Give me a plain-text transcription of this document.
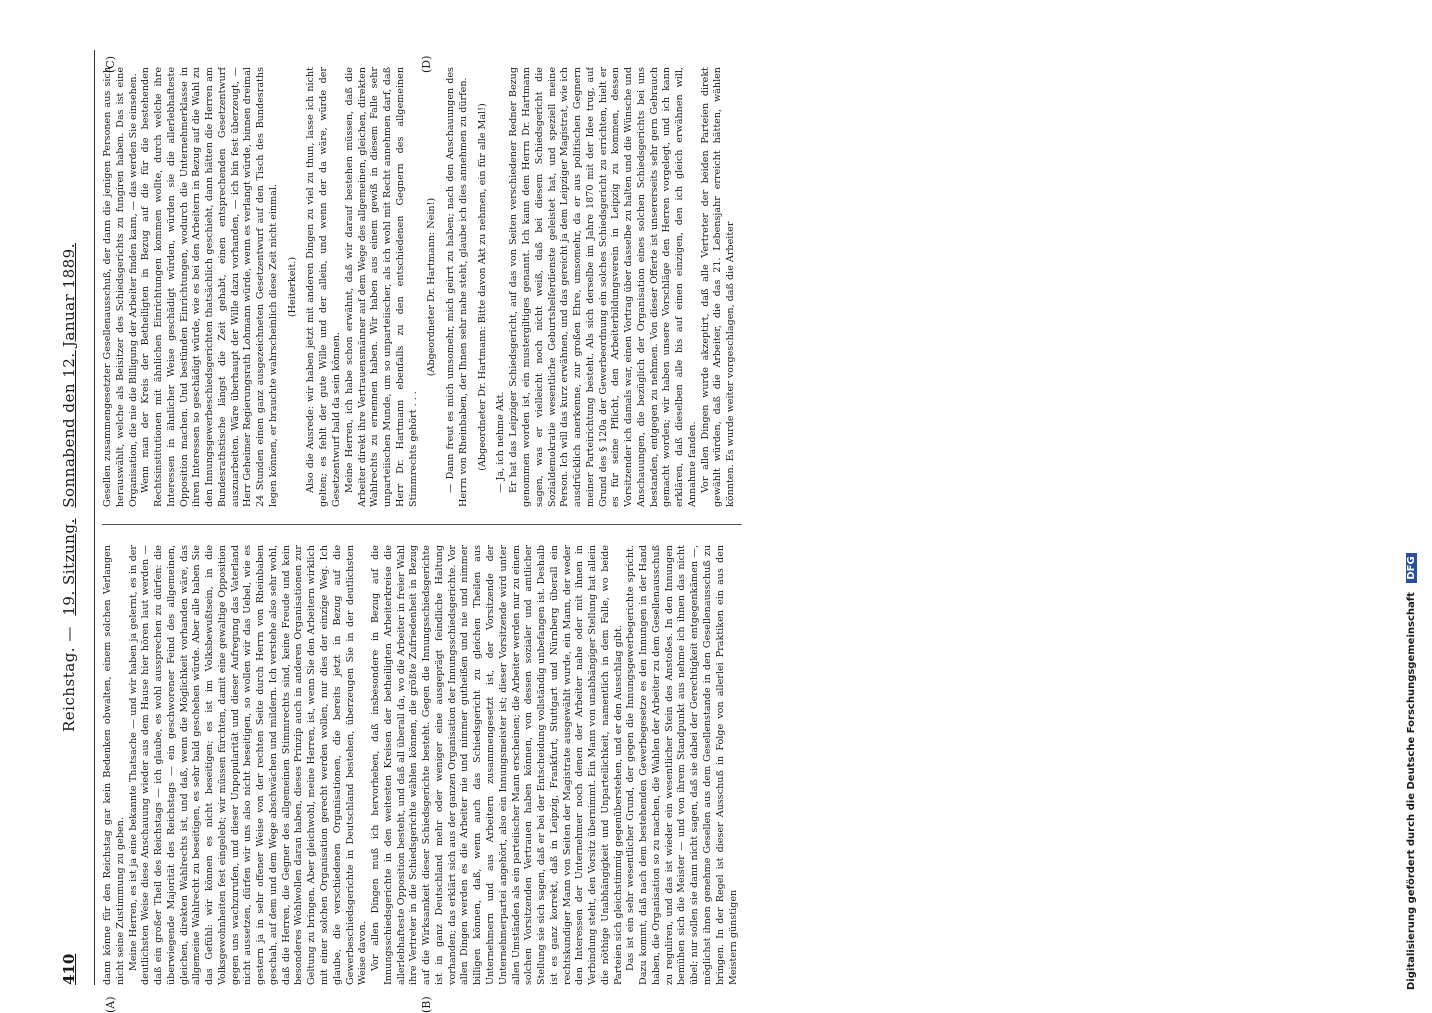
410
Reichstag. —  19. Sitzung.  Sonnabend den 12. Januar 1889.

dann könne für den Reichstag gar kein Bedenken obwalten, einem solchen Verlangen nicht seine Zustimmung zu geben. Meine Herren, es ist ja eine bekannte Thatsache — und wir haben ja gelernt, es in der deutlichsten Weise diese Anschauung wieder aus dem Hause hier hören laut werden — daß ein großer Theil des Reichstags — ich glaube, es wohl aussprechen zu dürfen: die überwiegende Majorität des Reichstags — ein geschworener Feind des allgemeinen, gleichen, direkten Wahlrechts ist, und daß, wenn die Möglichkeit vorhanden wäre, das allgemeine Wahlrecht zu beseitigen, es sehr bald geschehen würde. Aber alle haben Sie das Gefühl: wir können es nicht beseitigen; es ist im Volksbewußtsein, in die Volksgewohnheiten fest eingelebt; wir müssen fürchten, damit eine gewaltige Opposition gegen uns wachzurufen, und dieser Unpopularität und dieser Aufregung das Vaterland nicht aussetzen, dürfen wir uns also nicht beseitigen, so wollen wir das Uebel, wie es gestern ja in sehr offener Weise von der rechten Seite durch Herrn von Rheinbaben geschah, auf dem und dem Wege abschwächen und mildern. Ich verstehe also sehr wohl, daß die Herren, die Gegner des allgemeinen Stimmrechts sind, keine Freude und kein besonderes Wohlwollen daran haben, dieses Prinzip auch in anderen Organisationen zur Geltung zu bringen. Aber gleichwohl, meine Herren, ist, wenn Sie den Arbeitern wirklich mit einer solchen Organisation gerecht werden wollen, nur dies der einzige Weg. Ich glaube, die verschiedenen Organisationen, die bereits jetzt in Bezug auf die Gewerbeschiedsgerichte in Deutschland bestehen, überzeugen Sie in der deutlichsten Weise davon. Vor allen Dingen muß ich hervorheben, daß insbesondere in Bezug auf die Innungsschiedsgerichte in den weitesten Kreisen der betheiligten Arbeiterkreise die allerlebhafteste Opposition besteht, und daß all überall da, wo die Arbeiter in freier Wahl ihre Vertreter in die Schiedsgerichte wählen können, die größte Zufriedenheit in Bezug auf die Wirksamkeit dieser Schiedsgerichte besteht. Gegen die Innungsschiedsgerichte ist in ganz Deutschland mehr oder weniger eine ausgeprägt feindliche Haltung vorhanden; das erklärt sich aus der ganzen Organisation der Innungsschiedsgerichte. Vor allen Dingen werden es die Arbeiter nie und nimmer gutheißen und nie und nimmer billigen können, daß, wenn auch das Schiedsgericht zu gleichen Theilen aus Unternehmern und aus Arbeitern zusammengesetzt ist, der Vorsitzende der Unternehmerpartei angehört, also ein Innungsmeister ist; dieser Vorsitzende wird unter allen Umständen als ein parteiischer Mann erscheinen; die Arbeiter werden nur zu einem solchen Vorsitzenden Vertrauen haben können, von dessen sozialer und amtlicher Stellung sie sich sagen, daß er bei der Entscheidung vollständig unbefangen ist. Deshalb ist es ganz korrekt, daß in Leipzig, Frankfurt, Stuttgart und Nürnberg überall ein rechtskundiger Mann von Seiten der Magistrate ausgewählt wurde, ein Mann, der weder den Interessen der Unternehmer noch denen der Arbeiter nahe oder mit ihnen in Verbindung steht, den Vorsitz übernimmt. Ein Mann von unabhängiger Stellung hat allein die nöthige Unabhängigkeit und Unparteilichkeit, namentlich in dem Falle, wo beide Parteien sich gleichstimmig gegenüberstehen, und er den Ausschlag gibt. Das ist ein sehr wesentlicher Grund, der gegen die Innungsgewerbegerichte spricht. Dazu kommt, daß nach dem bestehenden Gewerbegesetze es den Innungen in der Hand haben, die Organisation so zu machen, die Wahlen der Arbeiter zu dem Gesellenausschuß zu reguliren, und das ist wieder ein wesentlicher Stein des Anstoßes. In den Innungen bemühen sich die Meister — und von ihrem Standpunkt aus nehme ich ihnen das nicht übel; nur sollen sie dann nicht sagen, daß sie dabei der Gerechtigkeit entgegenkämen —, möglichst ihnen genehme Gesellen aus dem Gesellenstande in den Gesellenausschuß zu bringen. In der Regel ist dieser Ausschuß in Folge von allerlei Praktiken ein aus den Meistern günstigen

Gesellen zusammengesetzter Gesellenausschuß, der dann die jenigen Personen aus sich herauswählt, welche als Beisitzer des Schiedsgerichts zu fungiren haben. Das ist eine Organisation, die nie die Billigung der Arbeiter finden kann, — das werden Sie einsehen. Wenn man der Kreis der Betheiligten in Bezug auf die für die bestehenden Rechtsinstitutionen mit ähnlichen Einrichtungen kommen wollte, durch welche ihre Interessen in ähnlicher Weise geschädigt würden, würden sie die allerlebhafteste Opposition machen. Und bestünden Einrichtungen, wodurch die Unternehmerklasse in ihren Interessen so geschädigt würde, wie es bei den Arbeitern in Bezug auf die Wahl zu den Innungsgewerbeschiedsgerichten thatsächlich geschieht, dann hätten die Herren am Bundesrathstische längst die Zeit gehabt, einen entsprechenden Gesetzentwurf auszuarbeiten. Wäre überhaupt der Wille dazu vorhanden, — ich bin fest überzeugt, — Herr Geheimer Regierungsrath Lohmann würde, wenn es verlangt würde, binnen dreimal 24 Stunden einen ganz ausgezeichneten Gesetzentwurf auf den Tisch des Bundesraths legen können, er brauchte wahrscheinlich diese Zeit nicht einmal. (Heiterkeit.) Also die Ausrede: wir haben jetzt mit anderen Dingen zu viel zu thun, lasse ich nicht gelten; es fehlt der gute Wille und der allein, und wenn der da wäre, würde der Gesetzentwurf bald da sein können. Meine Herren, ich habe schon erwähnt, daß wir darauf bestehen müssen, daß die Arbeiter direkt ihre Vertrauensmänner auf dem Wege des allgemeinen, gleichen, direkten Wahlrechts zu ernennen haben. Wir haben aus einem gewiß in diesem Falle sehr unparteiischen Munde, um so unparteiischer, als ich wohl mit Recht annehmen darf, daß Herr Dr. Hartmann ebenfalls zu den entschiedenen Gegnern des allgemeinen Stimmrechts gehört . . .

(Abgeordneter Dr. Hartmann: Nein!) — Dann freut es mich umsomehr, mich geirrt zu haben; nach den Anschauungen des Herrn von Rheinbaben, der Ihnen sehr nahe steht, glaube ich dies annehmen zu dürfen. (Abgeordneter Dr. Hartmann: Bitte davon Akt zu nehmen, ein für alle Mal!) — Ja, ich nehme Akt. Er hat das Leipziger Schiedsgericht, auf das von Seiten verschiedener Redner Bezug genommen worden ist, ein mustergiltiges genannt. Ich kann dem Herrn Dr. Hartmann sagen, was er vielleicht noch nicht weiß, daß bei diesem Schiedsgericht die Sozialdemokratie wesentliche Geburtshelferdienste geleistet hat, und speziell meine Person. Ich will das kurz erwähnen, und das gereicht ja dem Leipziger Magistrat, wie ich ausdrücklich anerkenne, zur großen Ehre, umsomehr, da er aus politischen Gegnern meiner Parteirichtung besteht. Als sich derselbe im Jahre 1870 mit der Idee trug, auf Grund des § 120a der Gewerbeordnung ein solches Schiedsgericht zu errichten, hielt er es für seine Pflicht, den Arbeiterbildungsverein in Leipzig zu kommen, dessen Vorsitzender ich damals war, einen Vortrag über dasselbe zu halten und die Wünsche und Anschauungen, die bezüglich der Organisation eines solchen Schiedsgerichts bei uns bestanden, entgegen zu nehmen. Von dieser Offerte ist unsererseits sehr gern Gebrauch gemacht worden; wir haben unsere Vorschläge den Herren vorgelegt, und ich kann erklären, daß dieselben alle bis auf einen einzigen, den ich gleich erwähnen will, Annahme fanden. Vor allen Dingen wurde akzeptirt, daß alle Vertreter der beiden Parteien direkt gewählt würden, daß die Arbeiter, die das 21. Lebensjahr erreicht hätten, wählen könnten. Es wurde weiter vorgeschlagen, daß die Arbeiter

(A)	(B)
(C)	(D)
Digitalisierung gefördert durch die Deutsche Forschungsgemeinschaft DFG
